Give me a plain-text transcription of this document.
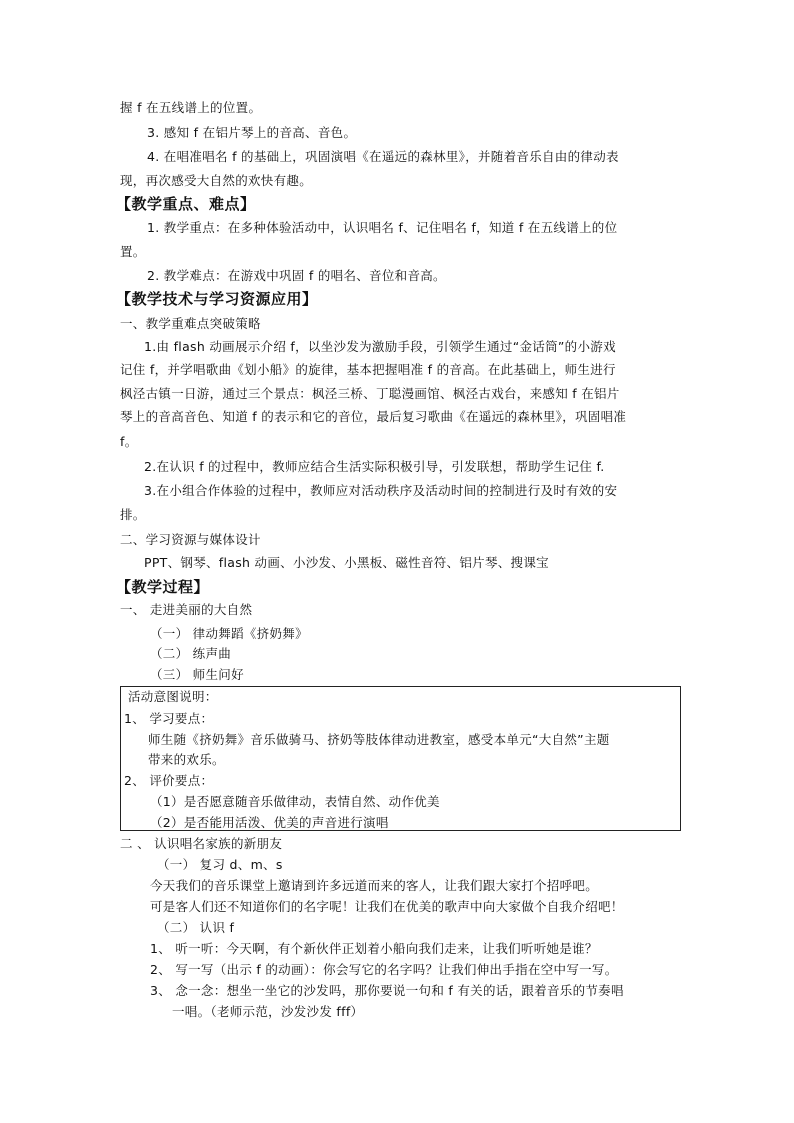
握 f 在五线谱上的位置。
3. 感知 f 在铝片琴上的音高、音色。
4. 在唱准唱名 f 的基础上，巩固演唱《在遥远的森林里》，并随着音乐自由的律动表
现，再次感受大自然的欢快有趣。
【教学重点、难点】
1. 教学重点：在多种体验活动中，认识唱名 f、记住唱名 f，知道 f 在五线谱上的位
置。
2. 教学难点：在游戏中巩固 f 的唱名、音位和音高。
【教学技术与学习资源应用】
一、教学重难点突破策略
1.由 flash 动画展示介绍 f，以坐沙发为激励手段，引领学生通过“金话筒”的小游戏
记住 f，并学唱歌曲《划小船》的旋律，基本把握唱准 f 的音高。在此基础上，师生进行
枫泾古镇一日游，通过三个景点：枫泾三桥、丁聪漫画馆、枫泾古戏台，来感知 f 在铝片
琴上的音高音色、知道 f 的表示和它的音位，最后复习歌曲《在遥远的森林里》，巩固唱准
f。
2.在认识 f 的过程中，教师应结合生活实际积极引导，引发联想，帮助学生记住 f.
3.在小组合作体验的过程中，教师应对活动秩序及活动时间的控制进行及时有效的安
排。
二、学习资源与媒体设计
PPT、钢琴、flash 动画、小沙发、小黑板、磁性音符、铝片琴、搜课宝
【教学过程】
一、 走进美丽的大自然
（一） 律动舞蹈《挤奶舞》
（二） 练声曲
（三） 师生问好
活动意图说明：
1、 学习要点：
师生随《挤奶舞》音乐做骑马、挤奶等肢体律动进教室，感受本单元“大自然”主题
带来的欢乐。
2、 评价要点：
（1）是否愿意随音乐做律动，表情自然、动作优美
（2）是否能用活泼、优美的声音进行演唱
二 、 认识唱名家族的新朋友
（一） 复习 d、m、s
今天我们的音乐课堂上邀请到许多远道而来的客人，让我们跟大家打个招呼吧。
可是客人们还不知道你们的名字呢！让我们在优美的歌声中向大家做个自我介绍吧！
（二） 认识 f
1、 听一听：今天啊，有个新伙伴正划着小船向我们走来，让我们听听她是谁？
2、 写一写（出示 f 的动画）：你会写它的名字吗？让我们伸出手指在空中写一写。
3、 念一念：想坐一坐它的沙发吗，那你要说一句和 f 有关的话，跟着音乐的节奏唱
一唱。（老师示范，沙发沙发 fff）
